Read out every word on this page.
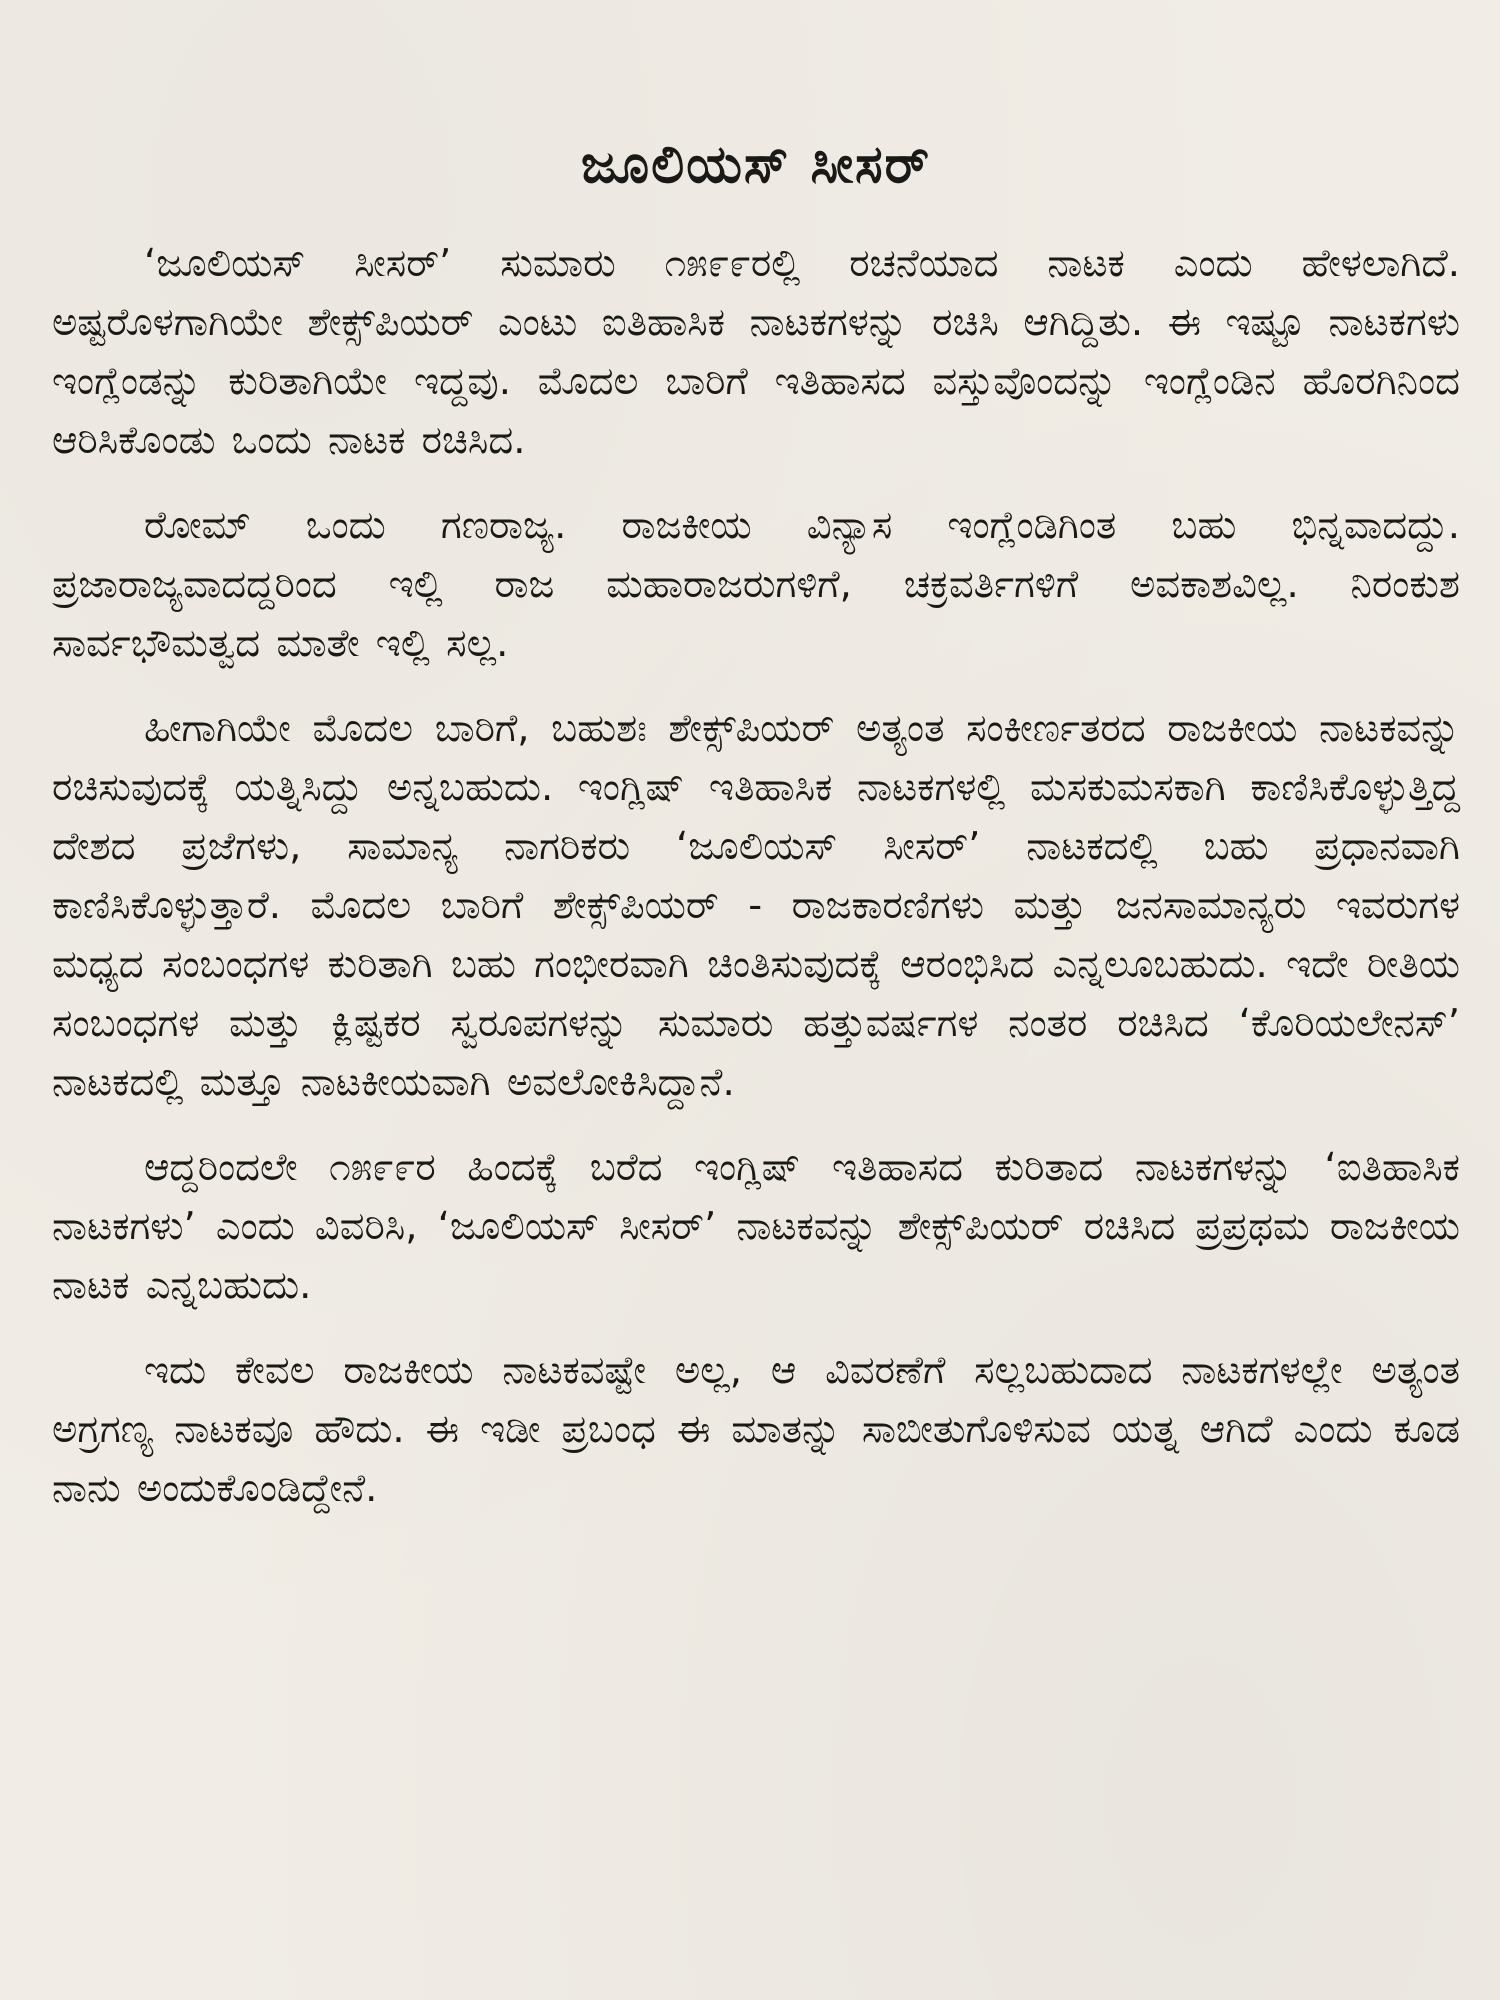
ಜೂಲಿಯಸ್ ಸೀಸರ್

‘ಜೂಲಿಯಸ್ ಸೀಸರ್’ ಸುಮಾರು ೧೫೯೯ರಲ್ಲಿ ರಚನೆಯಾದ ನಾಟಕ ಎಂದು ಹೇಳಲಾಗಿದೆ. ಅಷ್ಟರೊಳಗಾಗಿಯೇ ಶೇಕ್ಸ್‌ಪಿಯರ್ ಎಂಟು ಐತಿಹಾಸಿಕ ನಾಟಕಗಳನ್ನು ರಚಿಸಿ ಆಗಿದ್ದಿತು. ಈ ಇಷ್ಟೂ ನಾಟಕಗಳು ಇಂಗ್ಲೆಂಡನ್ನು ಕುರಿತಾಗಿಯೇ ಇದ್ದವು. ಮೊದಲ ಬಾರಿಗೆ ಇತಿಹಾಸದ ವಸ್ತುವೊಂದನ್ನು ಇಂಗ್ಲೆಂಡಿನ ಹೊರಗಿನಿಂದ ಆರಿಸಿಕೊಂಡು ಒಂದು ನಾಟಕ ರಚಿಸಿದ.

ರೋಮ್ ಒಂದು ಗಣರಾಜ್ಯ. ರಾಜಕೀಯ ವಿನ್ಯಾಸ ಇಂಗ್ಲೆಂಡಿಗಿಂತ ಬಹು ಭಿನ್ನವಾದದ್ದು. ಪ್ರಜಾರಾಜ್ಯವಾದದ್ದರಿಂದ ಇಲ್ಲಿ ರಾಜ ಮಹಾರಾಜರುಗಳಿಗೆ, ಚಕ್ರವರ್ತಿಗಳಿಗೆ ಅವಕಾಶವಿಲ್ಲ. ನಿರಂಕುಶ ಸಾರ್ವಭೌಮತ್ವದ ಮಾತೇ ಇಲ್ಲಿ ಸಲ್ಲ.

ಹೀಗಾಗಿಯೇ ಮೊದಲ ಬಾರಿಗೆ, ಬಹುಶಃ ಶೇಕ್ಸ್‌ಪಿಯರ್ ಅತ್ಯಂತ ಸಂಕೀರ್ಣತರದ ರಾಜಕೀಯ ನಾಟಕವನ್ನು ರಚಿಸುವುದಕ್ಕೆ ಯತ್ನಿಸಿದ್ದು ಅನ್ನಬಹುದು. ಇಂಗ್ಲಿಷ್ ಇತಿಹಾಸಿಕ ನಾಟಕಗಳಲ್ಲಿ ಮಸಕುಮಸಕಾಗಿ ಕಾಣಿಸಿಕೊಳ್ಳುತ್ತಿದ್ದ ದೇಶದ ಪ್ರಜೆಗಳು, ಸಾಮಾನ್ಯ ನಾಗರಿಕರು ‘ಜೂಲಿಯಸ್ ಸೀಸರ್’ ನಾಟಕದಲ್ಲಿ ಬಹು ಪ್ರಧಾನವಾಗಿ ಕಾಣಿಸಿಕೊಳ್ಳುತ್ತಾರೆ. ಮೊದಲ ಬಾರಿಗೆ ಶೇಕ್ಸ್‌ಪಿಯರ್ - ರಾಜಕಾರಣಿಗಳು ಮತ್ತು ಜನಸಾಮಾನ್ಯರು ಇವರುಗಳ ಮಧ್ಯದ ಸಂಬಂಧಗಳ ಕುರಿತಾಗಿ ಬಹು ಗಂಭೀರವಾಗಿ ಚಿಂತಿಸುವುದಕ್ಕೆ ಆರಂಭಿಸಿದ ಎನ್ನಲೂಬಹುದು. ಇದೇ ರೀತಿಯ ಸಂಬಂಧಗಳ ಮತ್ತು ಕ್ಲಿಷ್ಟಕರ ಸ್ವರೂಪಗಳನ್ನು ಸುಮಾರು ಹತ್ತುವರ್ಷಗಳ ನಂತರ ರಚಿಸಿದ ‘ಕೊರಿಯಲೇನಸ್’ ನಾಟಕದಲ್ಲಿ ಮತ್ತೂ ನಾಟಕೀಯವಾಗಿ ಅವಲೋಕಿಸಿದ್ದಾನೆ.

ಆದ್ದರಿಂದಲೇ ೧೫೯೯ರ ಹಿಂದಕ್ಕೆ ಬರೆದ ಇಂಗ್ಲಿಷ್ ಇತಿಹಾಸದ ಕುರಿತಾದ ನಾಟಕಗಳನ್ನು ‘ಐತಿಹಾಸಿಕ ನಾಟಕಗಳು’ ಎಂದು ವಿವರಿಸಿ, ‘ಜೂಲಿಯಸ್ ಸೀಸರ್’ ನಾಟಕವನ್ನು ಶೇಕ್ಸ್‌ಪಿಯರ್ ರಚಿಸಿದ ಪ್ರಪ್ರಥಮ ರಾಜಕೀಯ ನಾಟಕ ಎನ್ನಬಹುದು.

ಇದು ಕೇವಲ ರಾಜಕೀಯ ನಾಟಕವಷ್ಟೇ ಅಲ್ಲ, ಆ ವಿವರಣೆಗೆ ಸಲ್ಲಬಹುದಾದ ನಾಟಕಗಳಲ್ಲೇ ಅತ್ಯಂತ ಅಗ್ರಗಣ್ಯ ನಾಟಕವೂ ಹೌದು. ಈ ಇಡೀ ಪ್ರಬಂಧ ಈ ಮಾತನ್ನು ಸಾಬೀತುಗೊಳಿಸುವ ಯತ್ನ ಆಗಿದೆ ಎಂದು ಕೂಡ ನಾನು ಅಂದುಕೊಂಡಿದ್ದೇನೆ.
